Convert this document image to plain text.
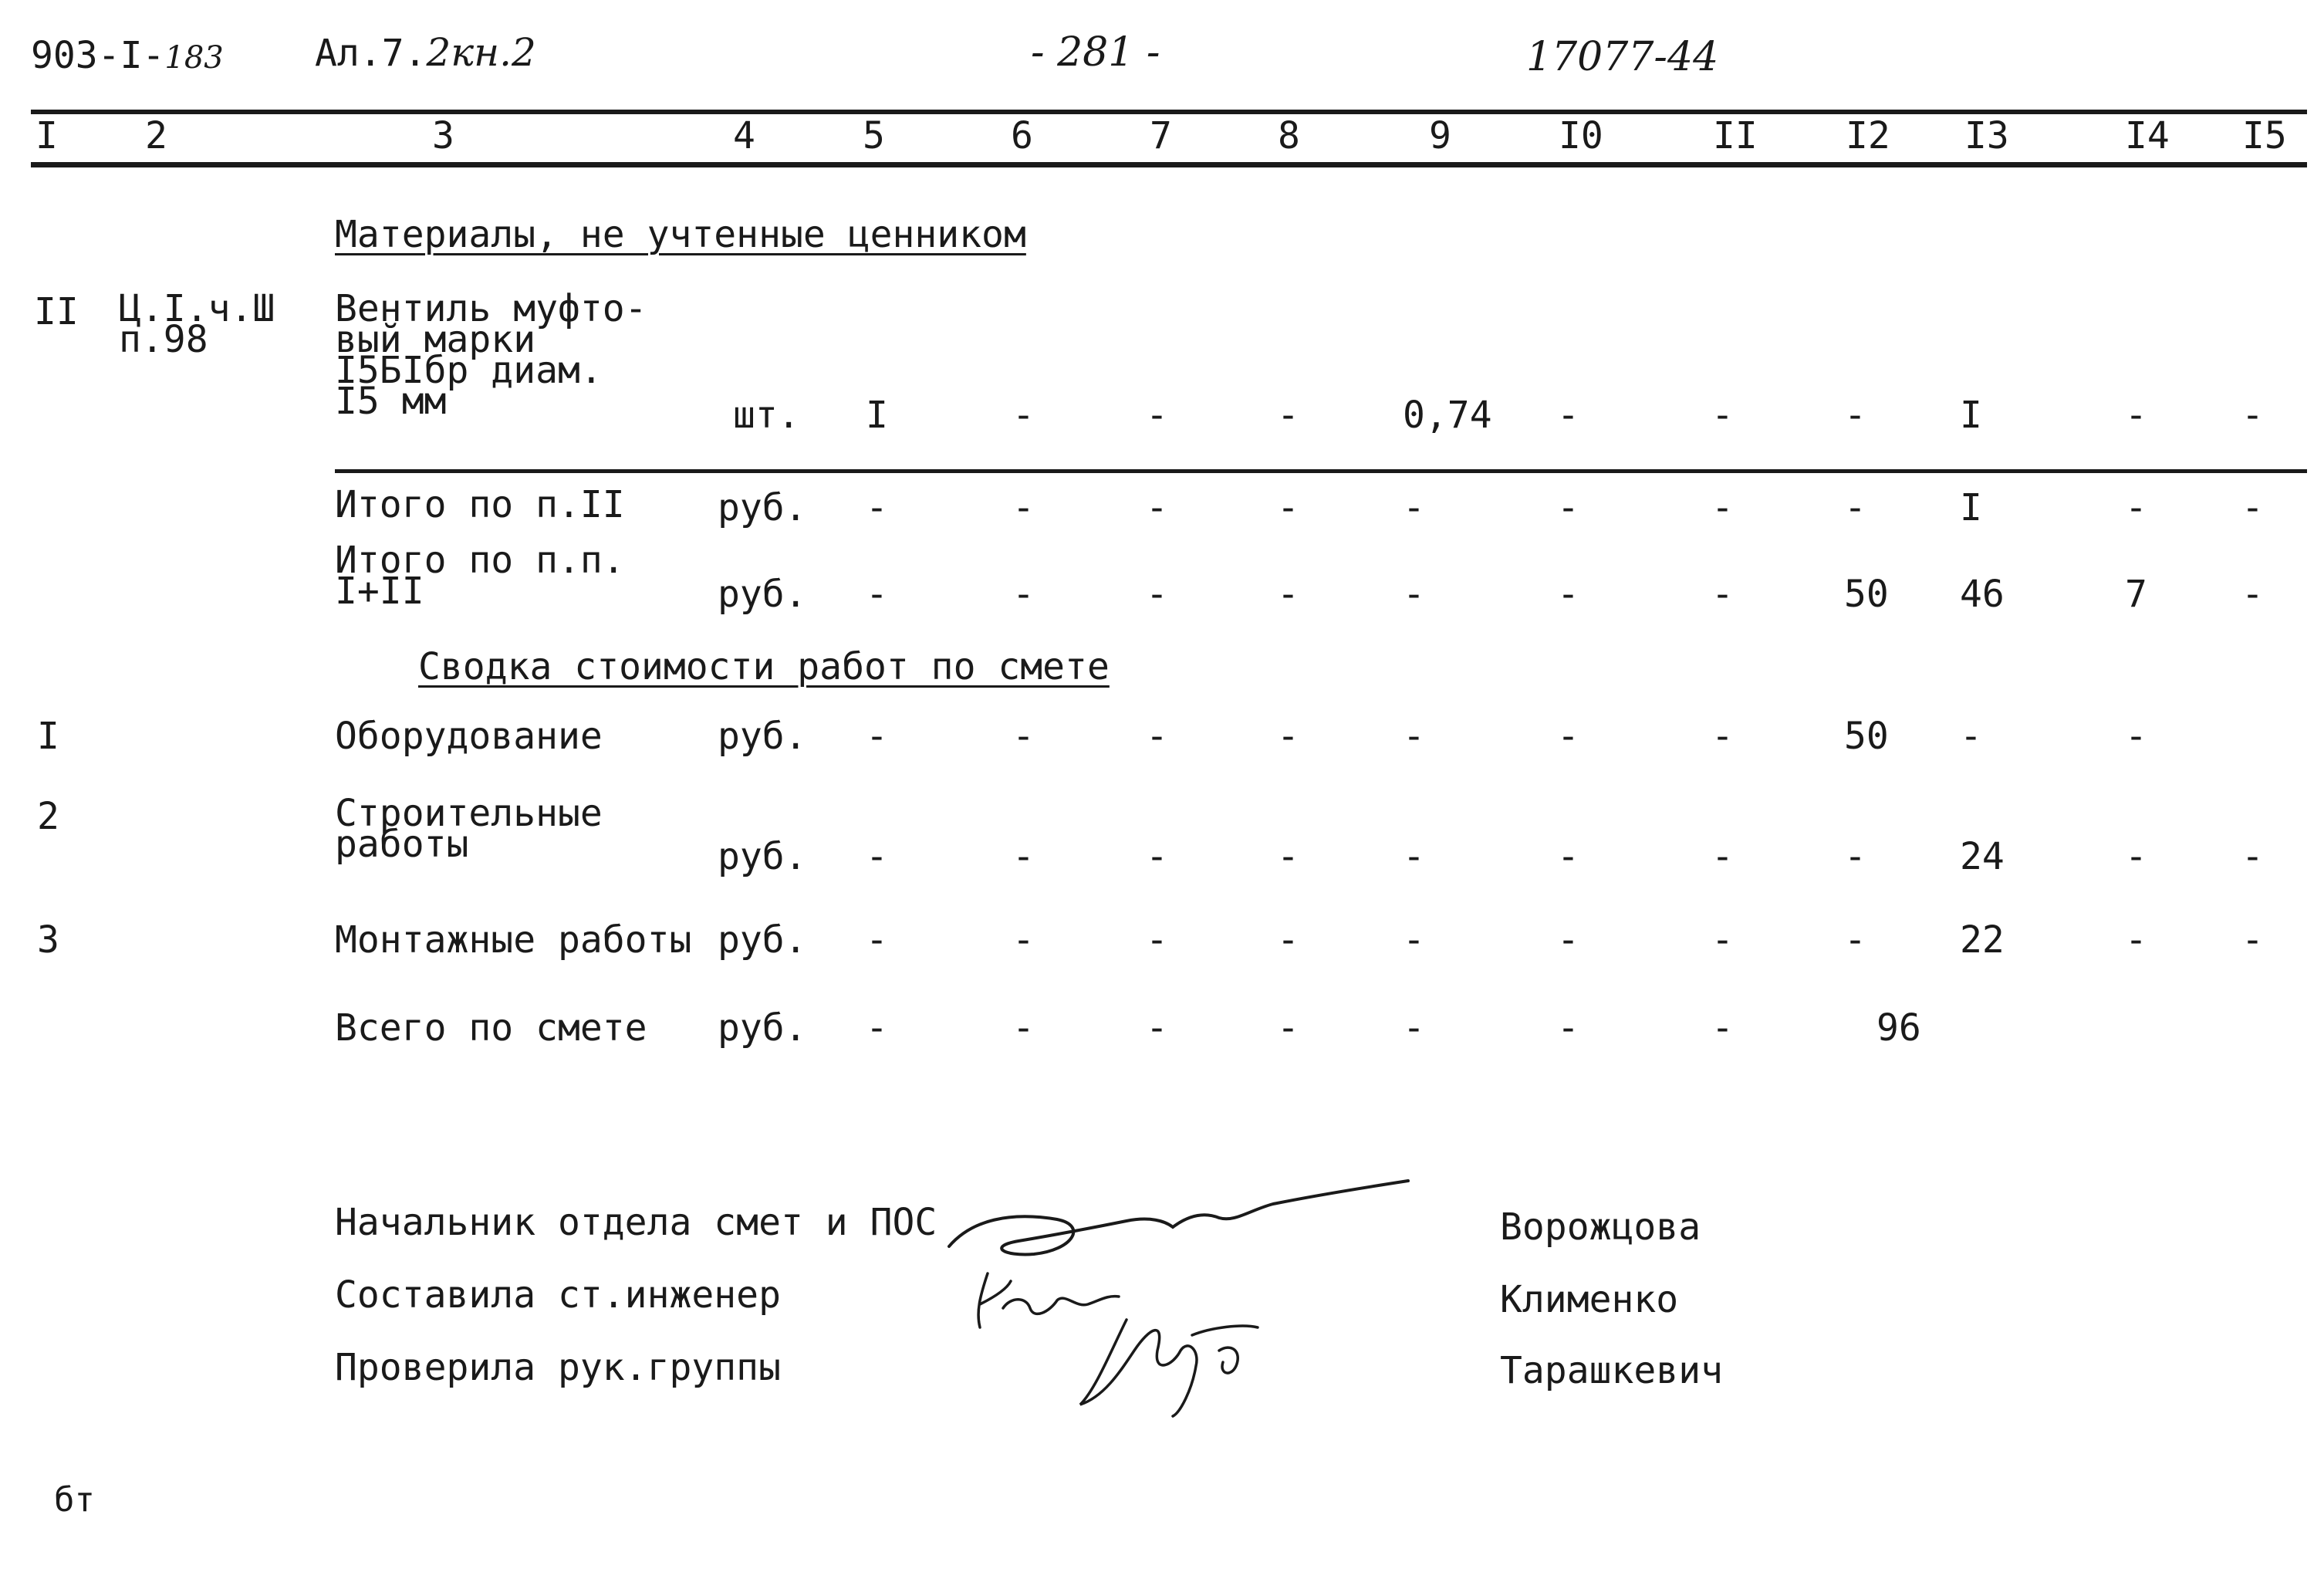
903-I-183 Ал.7.2кн.2	- 281 -	17077-44
I 2	3	4	5	6	7	8	9	I0	II I2 I3	I4 I5
Материалы, не учтенные ценником
II Ц.I.ч.Ш
п.98
Вентиль муфто-
вый марки
I5БIбр диам.
I5 мм	шт. I	-	-	-	0,74 -	-	-	I	-	-
Итого по п.II	руб. -	-	-	-	-	-	-	-	I	-	-
Итого по п.п.
I+II	руб. -	-	-	-	-	-	-	50 46	7	-
Сводка стоимости работ по смете
I	Оборудование	руб. -	-	-	-	-	-	-	50 -	-
2	Строительные
работы	руб. -	-	-	-	-	-	-	-	24	-	-
3	Монтажные работы руб. -	-	-	-	-	-	-	-	22	-	-
Всего по смете руб. -	-	-	-	-	-	-	96
Начальник отдела смет и ПОС
Составила ст.инженер
Проверила рук.группы
Ворожцова
Клименко
Тарашкевич
бт
